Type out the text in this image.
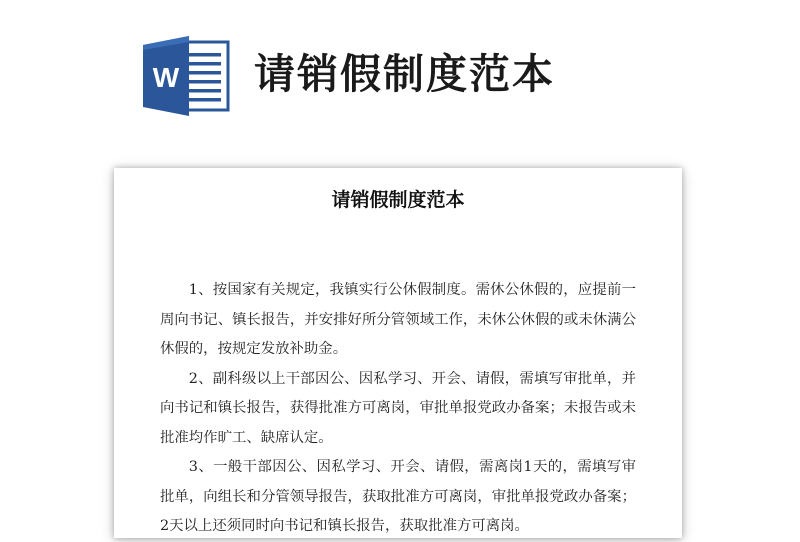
W 请销假制度范本
请销假制度范本

1、按国家有关规定，我镇实行公休假制度。需休公休假的，应提前一周向书记、镇长报告，并安排好所分管领域工作，未休公休假的或未休满公休假的，按规定发放补助金。

2、副科级以上干部因公、因私学习、开会、请假，需填写审批单，并向书记和镇长报告，获得批准方可离岗，审批单报党政办备案；未报告或未批准均作旷工、缺席认定。

3、一般干部因公、因私学习、开会、请假，需离岗1天的，需填写审批单，向组长和分管领导报告，获取批准方可离岗，审批单报党政办备案；2天以上还须同时向书记和镇长报告，获取批准方可离岗。
